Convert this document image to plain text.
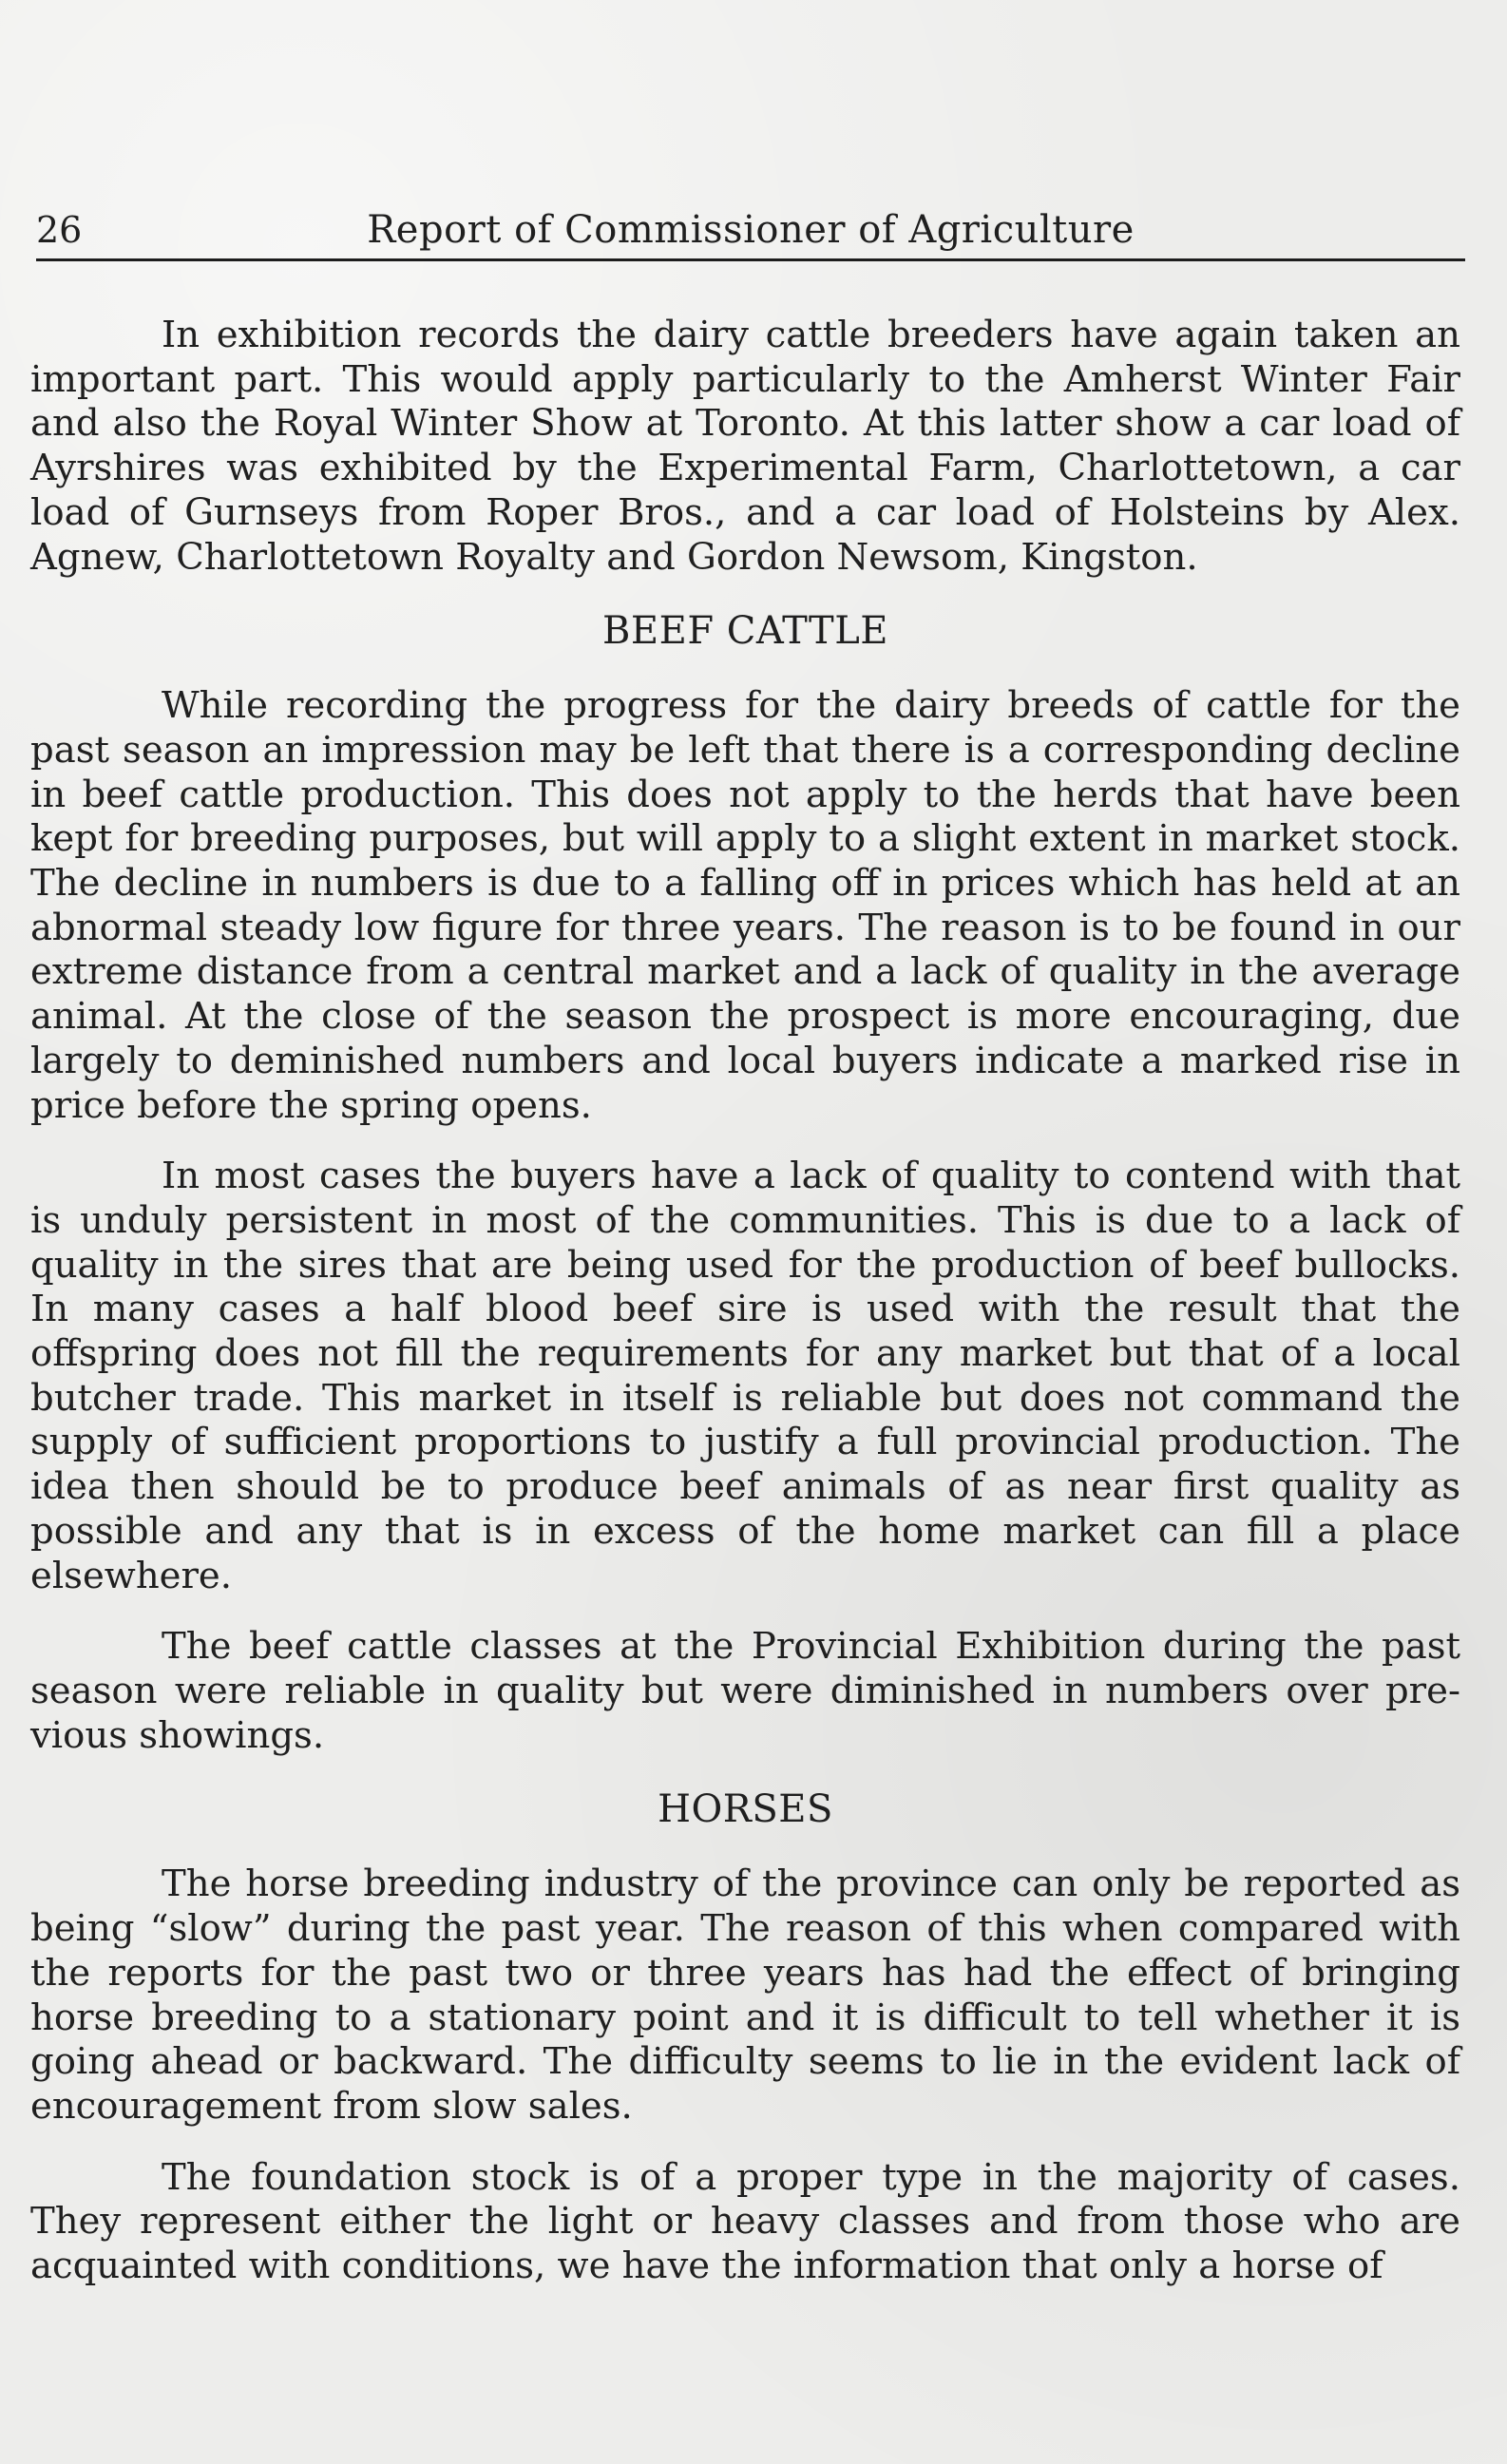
26	Report of Commissioner of Agriculture

In exhibition records the dairy cattle breeders have again taken an important part. This would apply particularly to the Amherst Winter Fair and also the Royal Winter Show at Toronto. At this latter show a car load of Ayrshires was exhibited by the Experimental Farm, Charlottetown, a car load of Gurnseys from Roper Bros., and a car load of Holsteins by Alex. Agnew, Charlottetown Royalty and Gordon Newsom, Kingston.

BEEF CATTLE

While recording the progress for the dairy breeds of cattle for the past season an impression may be left that there is a corresponding decline in beef cattle production. This does not apply to the herds that have been kept for breeding purposes, but will apply to a slight extent in market stock. The decline in numbers is due to a falling off in prices which has held at an abnormal steady low figure for three years. The reason is to be found in our extreme distance from a central market and a lack of quality in the average animal. At the close of the season the prospect is more encouraging, due largely to deminished numbers and local buyers indicate a marked rise in price before the spring opens.

In most cases the buyers have a lack of quality to contend with that is unduly persistent in most of the communities. This is due to a lack of quality in the sires that are being used for the production of beef bullocks. In many cases a half blood beef sire is used with the result that the offspring does not fill the requirements for any market but that of a local butcher trade. This market in itself is reliable but does not command the supply of sufficient proportions to justify a full provincial production. The idea then should be to produce beef animals of as near first quality as possible and any that is in excess of the home market can fill a place elsewhere.

The beef cattle classes at the Provincial Exhibition during the past season were reliable in quality but were diminished in numbers over previous showings.

HORSES

The horse breeding industry of the province can only be reported as being “slow” during the past year. The reason of this when compared with the reports for the past two or three years has had the effect of bringing horse breeding to a stationary point and it is difficult to tell whether it is going ahead or backward. The difficulty seems to lie in the evident lack of encouragement from slow sales.

The foundation stock is of a proper type in the majority of cases. They represent either the light or heavy classes and from those who are acquainted with conditions, we have the information that only a horse of
